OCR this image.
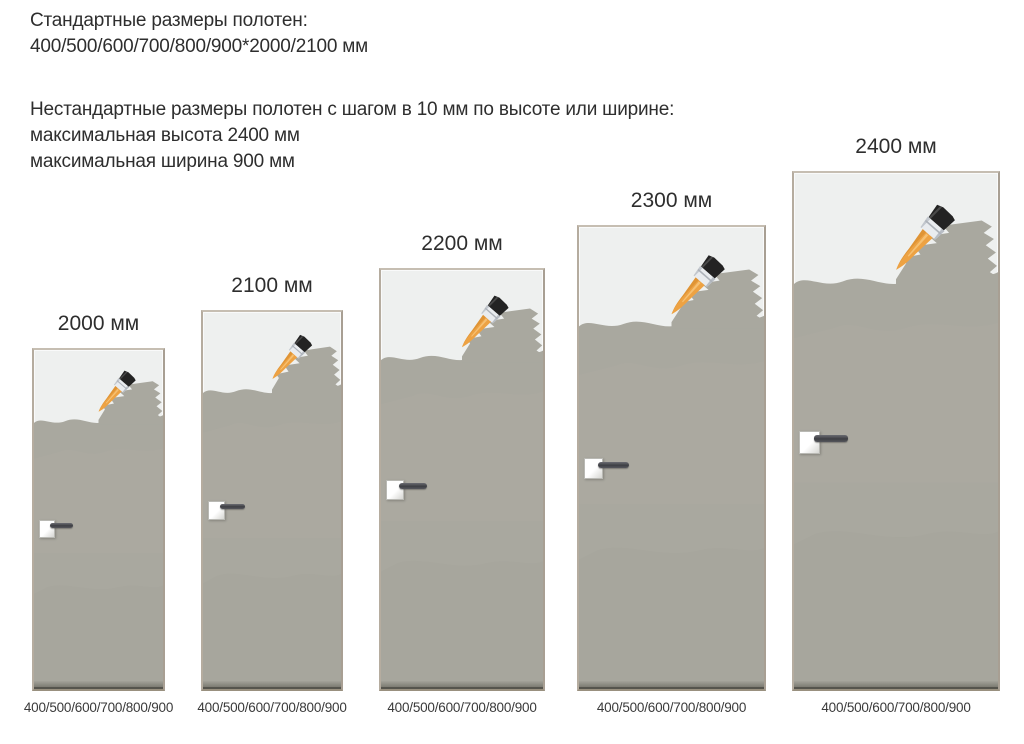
Стандартные размеры полотен:
400/500/600/700/800/900*2000/2100 мм
Нестандартные размеры полотен с шагом в 10 мм по высоте или ширине:
максимальная высота 2400 мм
максимальная ширина 900 мм
2000 мм
400/500/600/700/800/900
2100 мм
400/500/600/700/800/900
2200 мм
400/500/600/700/800/900
2300 мм
400/500/600/700/800/900
2400 мм
400/500/600/700/800/900
